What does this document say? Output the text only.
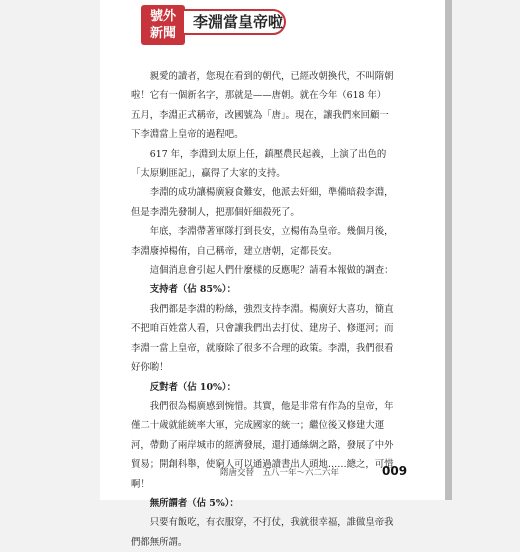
號外
新聞
李淵當皇帝啦

親愛的讀者，您現在看到的朝代，已經改朝換代，不叫隋朝啦！它有一個新名字，那就是——唐朝。就在今年（618 年）五月，李淵正式稱帝，改國號為「唐」。現在，讓我們來回顧一下李淵當上皇帝的過程吧。

617 年，李淵到太原上任，鎮壓農民起義，上演了出色的「太原剿匪記」，贏得了大家的支持。

李淵的成功讓楊廣寢食難安，他派去奸細，準備暗殺李淵，但是李淵先發制人，把那個奸細殺死了。

年底，李淵帶著軍隊打到長安，立楊侑為皇帝。幾個月後，李淵廢掉楊侑，自己稱帝，建立唐朝，定都長安。

這個消息會引起人們什麼樣的反應呢？請看本報做的調查：

支持者（佔 85%）：

我們都是李淵的粉絲，強烈支持李淵。楊廣好大喜功，簡直不把咱百姓當人看，只會讓我們出去打仗、建房子、修運河；而李淵一當上皇帝，就廢除了很多不合理的政策。李淵，我們很看好你喲！

反對者（佔 10%）：

我們很為楊廣感到惋惜。其實，他是非常有作為的皇帝，年僅二十歲就能統率大軍，完成國家的統一；繼位後又修建大運河，帶動了兩岸城市的經濟發展，還打通絲綢之路，發展了中外貿易；開創科舉，使窮人可以通過讀書出人頭地……總之，可惜啊！

無所謂者（佔 5%）：

只要有飯吃，有衣服穿，不打仗，我就很幸福，誰做皇帝我們都無所謂。

隋唐交替　五八一年～六二六年	009
